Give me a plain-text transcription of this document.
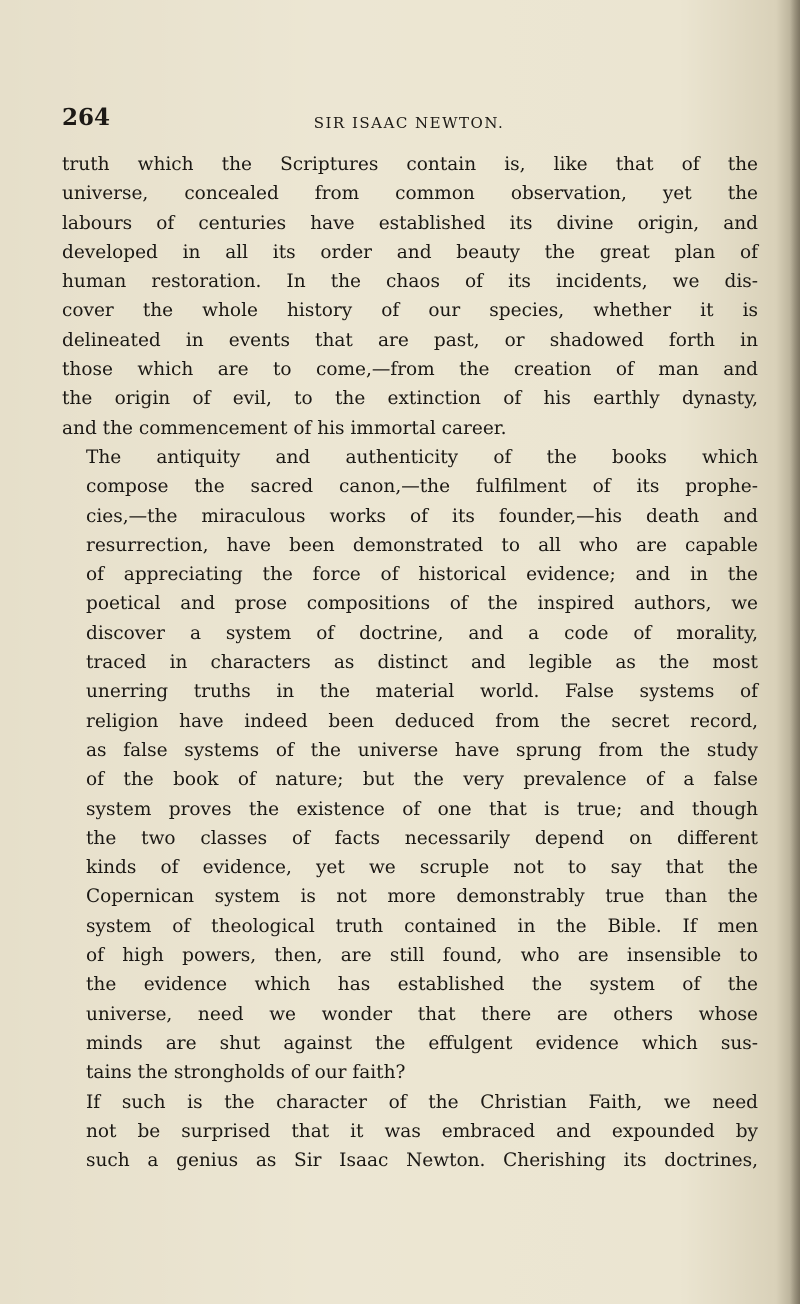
264	SIR ISAAC NEWTON.

truth which the Scriptures contain is, like that of the
universe, concealed from common observation, yet the
labours of centuries have established its divine origin, and
developed in all its order and beauty the great plan of
human restoration. In the chaos of its incidents, we dis-
cover the whole history of our species, whether it is
delineated in events that are past, or shadowed forth in
those which are to come,—from the creation of man and
the origin of evil, to the extinction of his earthly dynasty,
and the commencement of his immortal career.

The antiquity and authenticity of the books which
compose the sacred canon,—the fulfilment of its prophe-
cies,—the miraculous works of its founder,—his death and
resurrection, have been demonstrated to all who are capable
of appreciating the force of historical evidence; and in the
poetical and prose compositions of the inspired authors, we
discover a system of doctrine, and a code of morality,
traced in characters as distinct and legible as the most
unerring truths in the material world. False systems of
religion have indeed been deduced from the secret record,
as false systems of the universe have sprung from the study
of the book of nature; but the very prevalence of a false
system proves the existence of one that is true; and though
the two classes of facts necessarily depend on different
kinds of evidence, yet we scruple not to say that the
Copernican system is not more demonstrably true than the
system of theological truth contained in the Bible. If men
of high powers, then, are still found, who are insensible to
the evidence which has established the system of the
universe, need we wonder that there are others whose
minds are shut against the effulgent evidence which sus-
tains the strongholds of our faith?

If such is the character of the Christian Faith, we need
not be surprised that it was embraced and expounded by
such a genius as Sir Isaac Newton. Cherishing its doctrines,
